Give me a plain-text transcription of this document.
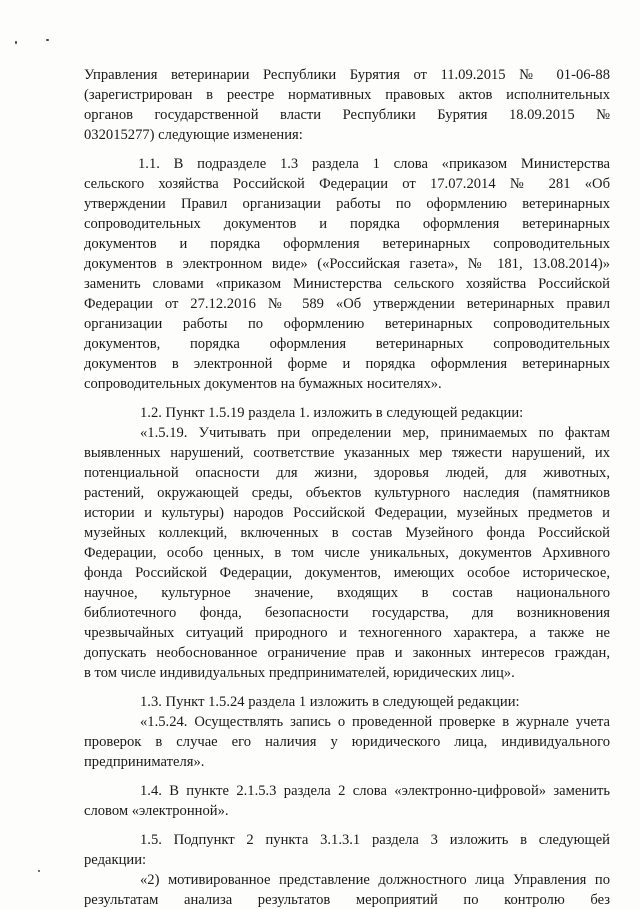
Управления ветеринарии Республики Бурятия от 11.09.2015 № 01-06-88
(зарегистрирован в реестре нормативных правовых актов исполнительных
органов государственной власти Республики Бурятия 18.09.2015 №
032015277) следующие изменения:
1.1. В подразделе 1.3 раздела 1 слова «приказом Министерства
сельского хозяйства Российской Федерации от 17.07.2014 № 281 «Об
утверждении Правил организации работы по оформлению ветеринарных
сопроводительных документов и порядка оформления ветеринарных
документов и порядка оформления ветеринарных сопроводительных
документов в электронном виде» («Российская газета», № 181, 13.08.2014)»
заменить словами «приказом Министерства сельского хозяйства Российской
Федерации от 27.12.2016 № 589 «Об утверждении ветеринарных правил
организации работы по оформлению ветеринарных сопроводительных
документов, порядка оформления ветеринарных сопроводительных
документов в электронной форме и порядка оформления ветеринарных
сопроводительных документов на бумажных носителях».
1.2. Пункт 1.5.19 раздела 1. изложить в следующей редакции:
«1.5.19. Учитывать при определении мер, принимаемых по фактам
выявленных нарушений, соответствие указанных мер тяжести нарушений, их
потенциальной опасности для жизни, здоровья людей, для животных,
растений, окружающей среды, объектов культурного наследия (памятников
истории и культуры) народов Российской Федерации, музейных предметов и
музейных коллекций, включенных в состав Музейного фонда Российской
Федерации, особо ценных, в том числе уникальных, документов Архивного
фонда Российской Федерации, документов, имеющих особое историческое,
научное, культурное значение, входящих в состав национального
библиотечного фонда, безопасности государства, для возникновения
чрезвычайных ситуаций природного и техногенного характера, а также не
допускать необоснованное ограничение прав и законных интересов граждан,
в том числе индивидуальных предпринимателей, юридических лиц».
1.3. Пункт 1.5.24 раздела 1 изложить в следующей редакции:
«1.5.24. Осуществлять запись о проведенной проверке в журнале учета
проверок в случае его наличия у юридического лица, индивидуального
предпринимателя».
1.4. В пункте 2.1.5.3 раздела 2 слова «электронно-цифровой» заменить
словом «электронной».
1.5. Подпункт 2 пункта 3.1.3.1 раздела 3 изложить в следующей
редакции:
«2) мотивированное представление должностного лица Управления по
результатам анализа результатов мероприятий по контролю без
